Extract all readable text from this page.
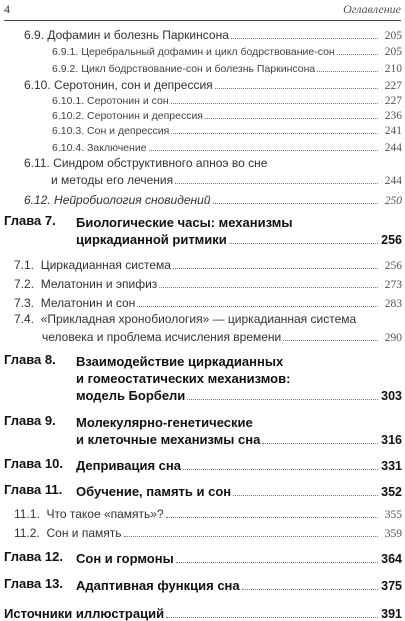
4	Оглавление
6.9. Дофамин и болезнь Паркинсона	205
6.9.1. Церебральный дофамин и цикл бодрствование-сон	205
6.9.2. Цикл бодрствование-сон и болезнь Паркинсона	210
6.10. Серотонин, сон и депрессия	227
6.10.1. Серотонин и сон	227
6.10.2. Серотонин и депрессия	236
6.10.3. Сон и депрессия	241
6.10.4. Заключение	244
6.11. Синдром обструктивного апноэ во сне
и методы его лечения	244
6.12. Нейробиология сновидений	250
Глава 7.	Биологические часы: механизмы
циркадианной ритмики	256
7.1. Циркадианная система	256
7.2. Мелатонин и эпифиз	273
7.3. Мелатонин и сон	283
7.4. «Прикладная хронобиология» — циркадианная система
человека и проблема исчисления времени	290
Глава 8.	Взаимодействие циркадианных
и гомеостатических механизмов:
модель Борбели	303
Глава 9.	Молекулярно-генетические
и клеточные механизмы сна	316
Глава 10.	Депривация сна	331
Глава 11.	Обучение, память и сон	352
11.1. Что такое «память»?	355
11.2. Сон и память	359
Глава 12.	Сон и гормоны	364
Глава 13.	Адаптивная функция сна	375
Источники иллюстраций	391
